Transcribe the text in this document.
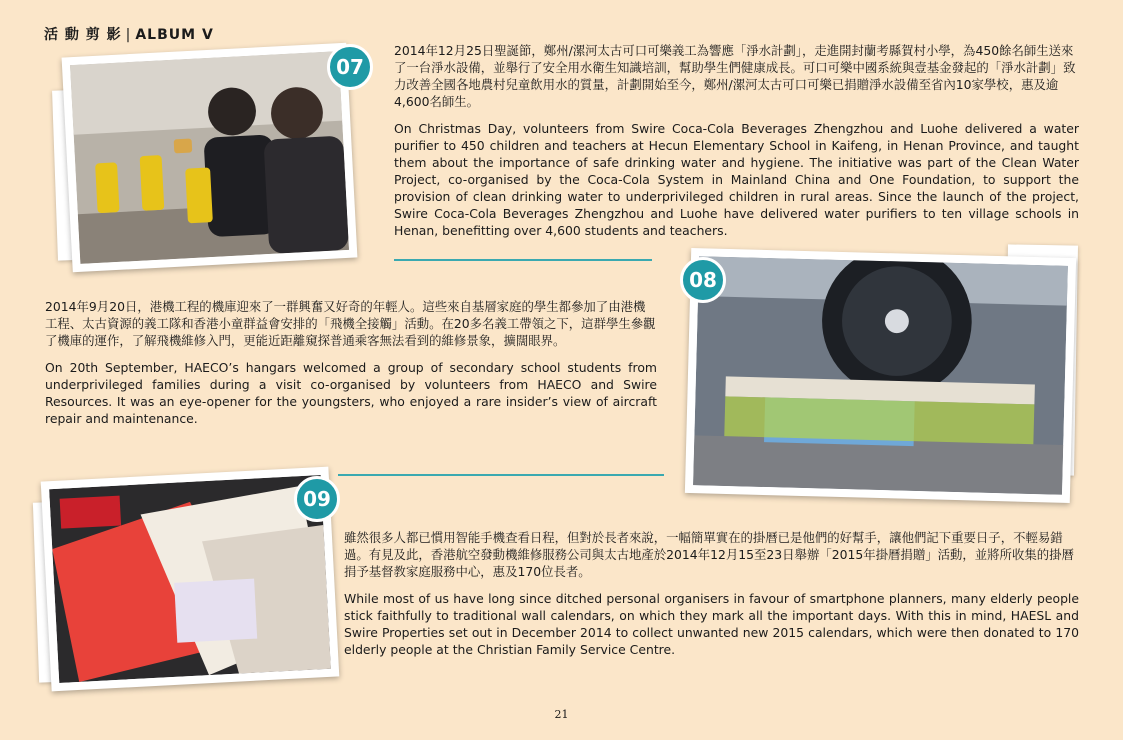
活 動 剪 影 | ALBUM V
07

2014年12月25日聖誕節，鄭州/漯河太古可口可樂義工為響應「淨水計劃」，走進開封蘭考縣賀村小學，為450餘名師生送來了一台淨水設備，並舉行了安全用水衛生知識培訓，幫助學生們健康成長。可口可樂中國系統與壹基金發起的「淨水計劃」致力改善全國各地農村兒童飲用水的質量，計劃開始至今，鄭州/漯河太古可口可樂已捐贈淨水設備至省內10家學校，惠及逾4,600名師生。

On Christmas Day, volunteers from Swire Coca-Cola Beverages Zhengzhou and Luohe delivered a water purifier to 450 children and teachers at Hecun Elementary School in Kaifeng, in Henan Province, and taught them about the importance of safe drinking water and hygiene. The initiative was part of the Clean Water Project, co-organised by the Coca-Cola System in Mainland China and One Foundation, to support the provision of clean drinking water to underprivileged children in rural areas. Since the launch of the project, Swire Coca-Cola Beverages Zhengzhou and Luohe have delivered water purifiers to ten village schools in Henan, benefitting over 4,600 students and teachers.

2014年9月20日，港機工程的機庫迎來了一群興奮又好奇的年輕人。這些來自基層家庭的學生都參加了由港機工程、太古資源的義工隊和香港小童群益會安排的「飛機全接觸」活動。在20多名義工帶領之下，這群學生參觀了機庫的運作，了解飛機維修入門，更能近距離窺探普通乘客無法看到的維修景象，擴闊眼界。

On 20th September, HAECO’s hangars welcomed a group of secondary school students from underprivileged families during a visit co-organised by volunteers from HAECO and Swire Resources. It was an eye-opener for the youngsters, who enjoyed a rare insider’s view of aircraft repair and maintenance.

08
09

雖然很多人都已慣用智能手機查看日程，但對於長者來說，一幅簡單實在的掛曆已是他們的好幫手，讓他們記下重要日子，不輕易錯過。有見及此，香港航空發動機維修服務公司與太古地產於2014年12月15至23日舉辦「2015年掛曆捐贈」活動，並將所收集的掛曆捐予基督教家庭服務中心，惠及170位長者。

While most of us have long since ditched personal organisers in favour of smartphone planners, many elderly people stick faithfully to traditional wall calendars, on which they mark all the important days. With this in mind, HAESL and Swire Properties set out in December 2014 to collect unwanted new 2015 calendars, which were then donated to 170 elderly people at the Christian Family Service Centre.

21
